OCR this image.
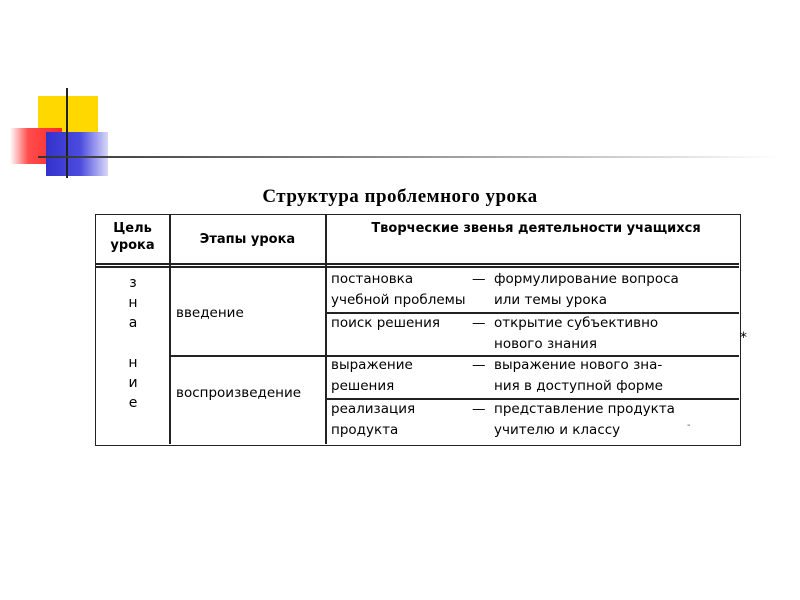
Структура проблемного урока
Цель урока	Этапы урока
Творческие звенья деятельности учащихся
з
н
а
н
и
е
введение
воспроизведение
постановка
учебной проблемы
— формулирование вопроса
или темы урока
поиск решения — открытие субъективно
нового знания
выражение
решения
— выражение нового зна-
ния в доступной форме
реализация
продукта
— представление продукта
учителю и классу
*
-
